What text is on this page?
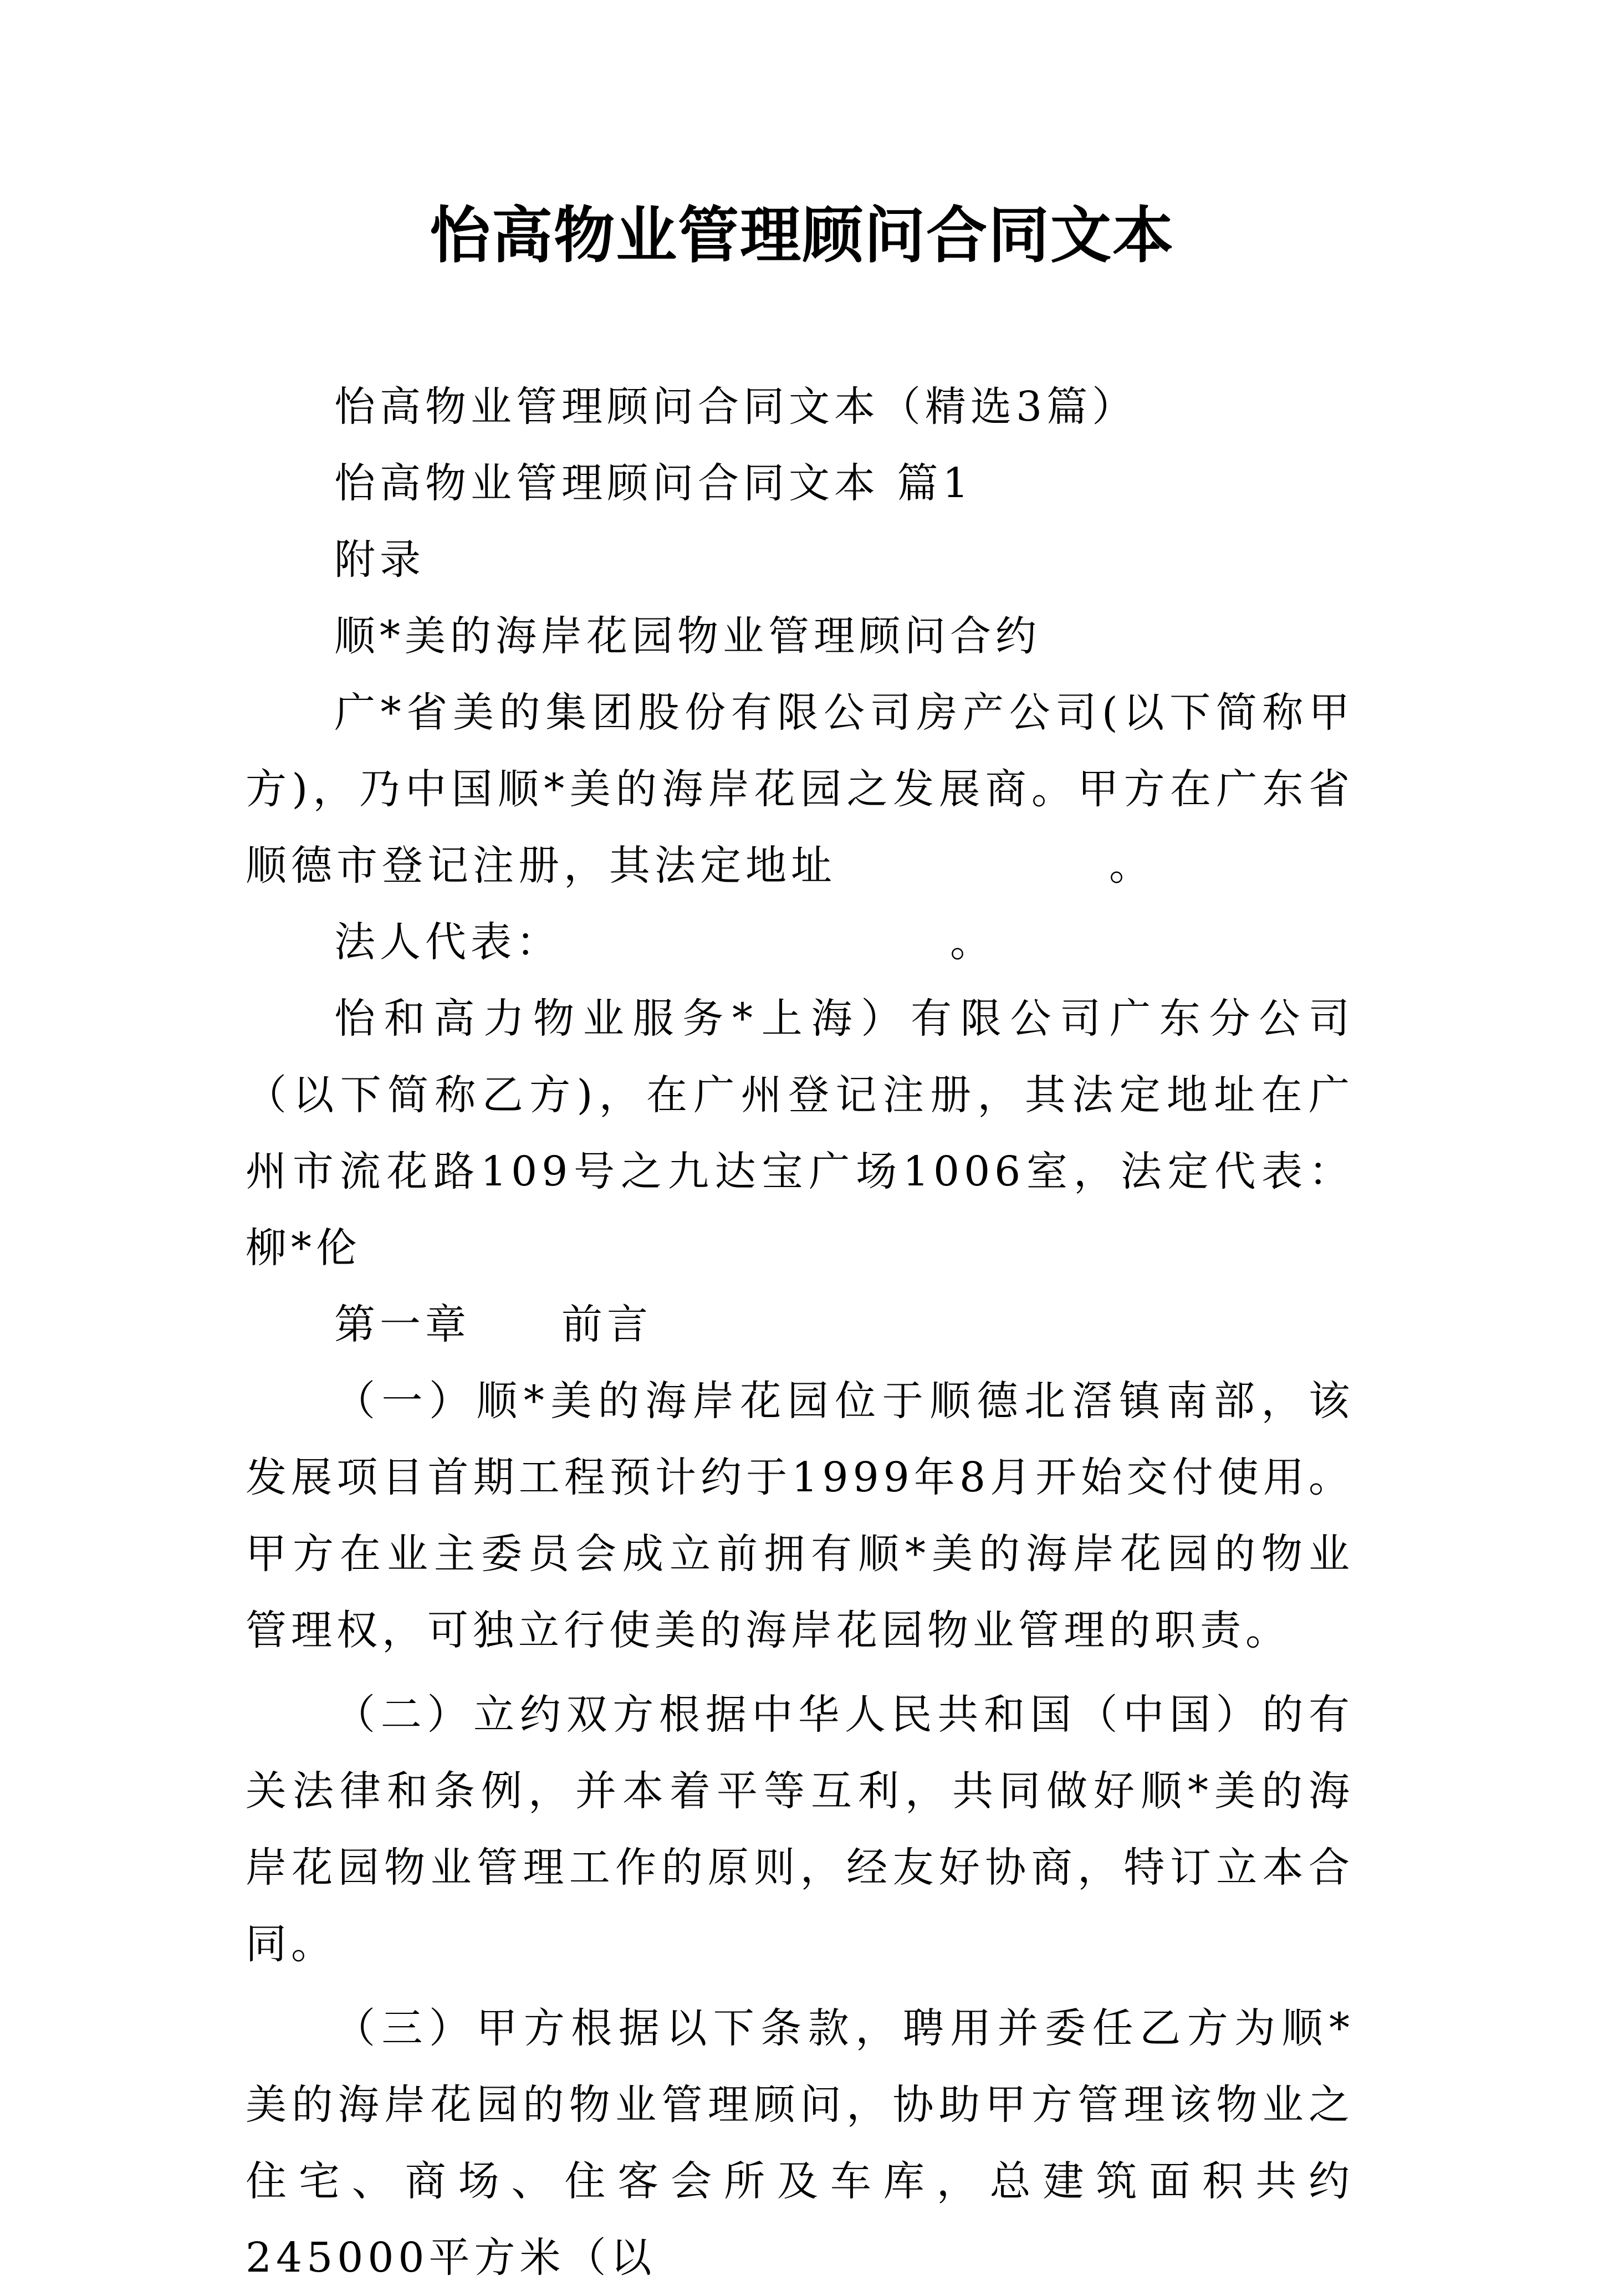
怡高物业管理顾问合同文本

怡高物业管理顾问合同文本（精选3篇）

怡高物业管理顾问合同文本 篇1

附录

顺*美的海岸花园物业管理顾问合约

广*省美的集团股份有限公司房产公司(以下简称甲方)，乃中国顺*美的海岸花园之发展商。甲方在广东省顺德市登记注册，其法定地址　　　　　　。

法人代表：　　　　　　　　　。

怡和高力物业服务*上海）有限公司广东分公司（以下简称乙方)，在广州登记注册，其法定地址在广州市流花路109号之九达宝广场1006室，法定代表：柳*伦

第一章　　前言

（一）顺*美的海岸花园位于顺德北滘镇南部，该发展项目首期工程预计约于1999年8月开始交付使用。甲方在业主委员会成立前拥有顺*美的海岸花园的物业管理权，可独立行使美的海岸花园物业管理的职责。

（二）立约双方根据中华人民共和国（中国）的有关法律和条例，并本着平等互利，共同做好顺*美的海岸花园物业管理工作的原则，经友好协商，特订立本合同。

（三）甲方根据以下条款，聘用并委任乙方为顺*美的海岸花园的物业管理顾问，协助甲方管理该物业之住宅、商场、住客会所及车库，总建筑面积共约245000平方米（以
